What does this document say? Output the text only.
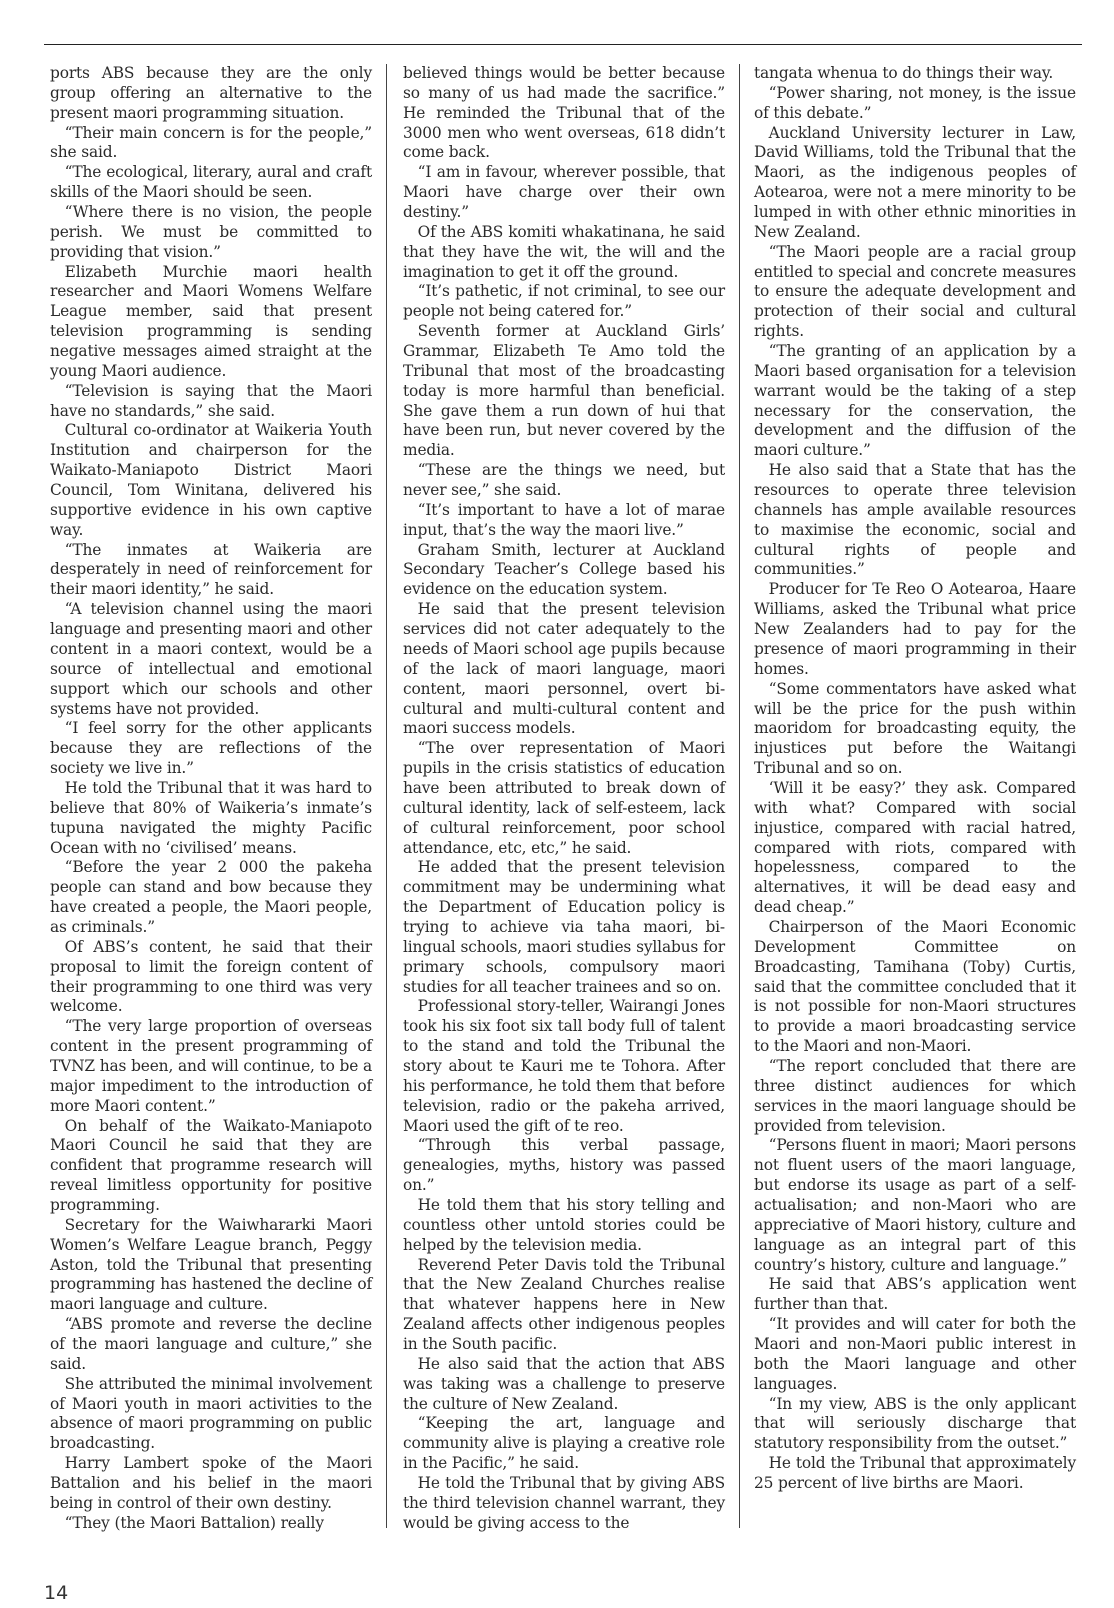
ports ABS because they are the only group offering an alternative to the present maori programming situation.

“Their main concern is for the people,” she said.

“The ecological, literary, aural and craft skills of the Maori should be seen.

“Where there is no vision, the people perish. We must be committed to providing that vision.”

Elizabeth Murchie maori health researcher and Maori Womens Welfare League member, said that present television programming is sending negative messages aimed straight at the young Maori audience.

“Television is saying that the Maori have no standards,” she said.

Cultural co-ordinator at Waikeria Youth Institution and chairperson for the Waikato-Maniapoto District Maori Council, Tom Winitana, delivered his supportive evidence in his own captive way.

“The inmates at Waikeria are desperately in need of reinforcement for their maori identity,” he said.

“A television channel using the maori language and presenting maori and other content in a maori context, would be a source of intellectual and emotional support which our schools and other systems have not provided.

“I feel sorry for the other applicants because they are reflections of the society we live in.”

He told the Tribunal that it was hard to believe that 80% of Waikeria’s inmate’s tupuna navigated the mighty Pacific Ocean with no ‘civilised’ means.

“Before the year 2 000 the pakeha people can stand and bow because they have created a people, the Maori people, as criminals.”

Of ABS’s content, he said that their proposal to limit the foreign content of their programming to one third was very welcome.

“The very large proportion of overseas content in the present programming of TVNZ has been, and will continue, to be a major impediment to the introduction of more Maori content.”

On behalf of the Waikato-Maniapoto Maori Council he said that they are confident that programme research will reveal limitless opportunity for positive programming.

Secretary for the Waiwhararki Maori Women’s Welfare League branch, Peggy Aston, told the Tribunal that presenting programming has hastened the decline of maori language and culture.

“ABS promote and reverse the decline of the maori language and culture,” she said.

She attributed the minimal involvement of Maori youth in maori activities to the absence of maori programming on public broadcasting.

Harry Lambert spoke of the Maori Battalion and his belief in the maori being in control of their own destiny.

“They (the Maori Battalion) really

believed things would be better because so many of us had made the sacrifice.” He reminded the Tribunal that of the 3000 men who went overseas, 618 didn’t come back.

“I am in favour, wherever possible, that Maori have charge over their own destiny.”

Of the ABS komiti whakatinana, he said that they have the wit, the will and the imagination to get it off the ground.

“It’s pathetic, if not criminal, to see our people not being catered for.”

Seventh former at Auckland Girls’ Grammar, Elizabeth Te Amo told the Tribunal that most of the broadcasting today is more harmful than beneficial. She gave them a run down of hui that have been run, but never covered by the media.

“These are the things we need, but never see,” she said.

“It’s important to have a lot of marae input, that’s the way the maori live.”

Graham Smith, lecturer at Auckland Secondary Teacher’s College based his evidence on the education system.

He said that the present television services did not cater adequately to the needs of Maori school age pupils because of the lack of maori language, maori content, maori personnel, overt bi-cultural and multi-cultural content and maori success models.

“The over representation of Maori pupils in the crisis statistics of education have been attributed to break down of cultural identity, lack of self-esteem, lack of cultural reinforcement, poor school attendance, etc, etc,” he said.

He added that the present television commitment may be undermining what the Department of Education policy is trying to achieve via taha maori, bi-lingual schools, maori studies syllabus for primary schools, compulsory maori studies for all teacher trainees and so on.

Professional story-teller, Wairangi Jones took his six foot six tall body full of talent to the stand and told the Tribunal the story about te Kauri me te Tohora. After his performance, he told them that before television, radio or the pakeha arrived, Maori used the gift of te reo.

“Through this verbal passage, genealogies, myths, history was passed on.”

He told them that his story telling and countless other untold stories could be helped by the television media.

Reverend Peter Davis told the Tribunal that the New Zealand Churches realise that whatever happens here in New Zealand affects other indigenous peoples in the South pacific.

He also said that the action that ABS was taking was a challenge to preserve the culture of New Zealand.

“Keeping the art, language and community alive is playing a creative role in the Pacific,” he said.

He told the Tribunal that by giving ABS the third television channel warrant, they would be giving access to the

tangata whenua to do things their way.

“Power sharing, not money, is the issue of this debate.”

Auckland University lecturer in Law, David Williams, told the Tribunal that the Maori, as the indigenous peoples of Aotearoa, were not a mere minority to be lumped in with other ethnic minorities in New Zealand.

“The Maori people are a racial group entitled to special and concrete measures to ensure the adequate development and protection of their social and cultural rights.

“The granting of an application by a Maori based organisation for a television warrant would be the taking of a step necessary for the conservation, the development and the diffusion of the maori culture.”

He also said that a State that has the resources to operate three television channels has ample available resources to maximise the economic, social and cultural rights of people and communities.”

Producer for Te Reo O Aotearoa, Haare Williams, asked the Tribunal what price New Zealanders had to pay for the presence of maori programming in their homes.

“Some commentators have asked what will be the price for the push within maoridom for broadcasting equity, the injustices put before the Waitangi Tribunal and so on.

‘Will it be easy?’ they ask. Compared with what? Compared with social injustice, compared with racial hatred, compared with riots, compared with hopelessness, compared to the alternatives, it will be dead easy and dead cheap.”

Chairperson of the Maori Economic Development Committee on Broadcasting, Tamihana (Toby) Curtis, said that the committee concluded that it is not possible for non-Maori structures to provide a maori broadcasting service to the Maori and non-Maori.

“The report concluded that there are three distinct audiences for which services in the maori language should be provided from television.

“Persons fluent in maori; Maori persons not fluent users of the maori language, but endorse its usage as part of a self-actualisation; and non-Maori who are appreciative of Maori history, culture and language as an integral part of this country’s history, culture and language.”

He said that ABS’s application went further than that.

“It provides and will cater for both the Maori and non-Maori public interest in both the Maori language and other languages.

“In my view, ABS is the only applicant that will seriously discharge that statutory responsibility from the outset.”

He told the Tribunal that approximately 25 percent of live births are Maori.

14
